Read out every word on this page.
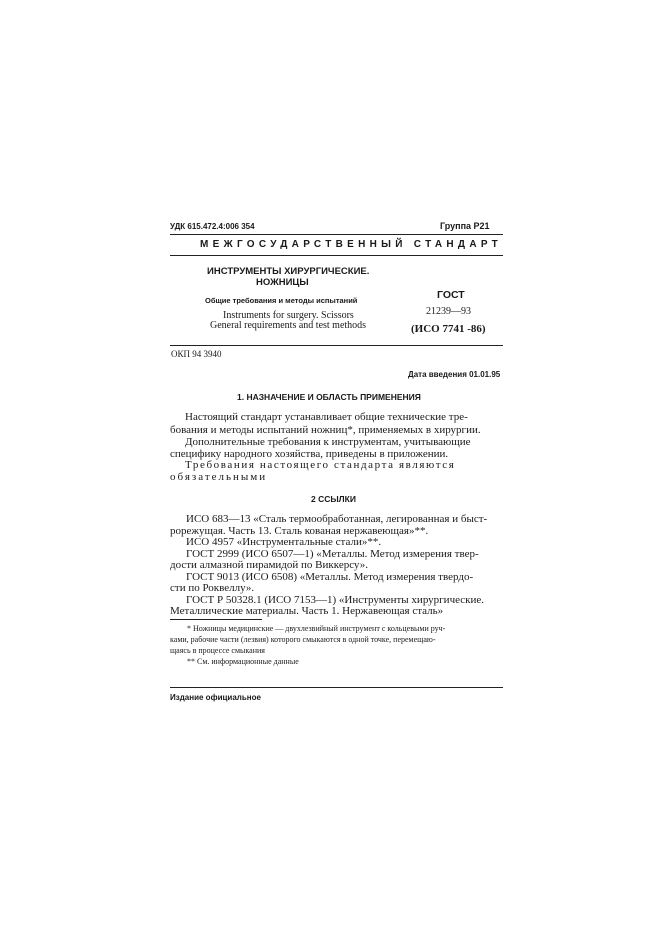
УДК 615.472.4:006 354	Группа Р21
МЕЖГОСУДАРСТВЕННЫЙ СТАНДАРТ
ИНСТРУМЕНТЫ ХИРУРГИЧЕСКИЕ.
НОЖНИЦЫ
Общие требования и методы испытаний
Instruments for surgery. Scissors
General requirements and test methods
ГОСТ
21239—93
(ИСО 7741 -86)
ОКП 94 3940
Дата введения 01.01.95
1. НАЗНАЧЕНИЕ И ОБЛАСТЬ ПРИМЕНЕНИЯ
Настоящий стандарт устанавливает общие технические тре-
бования и методы испытаний ножниц*, применяемых в хирургии.
Дополнительные требования к инструментам, учитывающие
специфику народного хозяйства, приведены в приложении.
Требования настоящего стандарта являются
обязательными
2 ССЫЛКИ
ИСО 683—13 «Сталь термообработанная, легированная и быст-
рорежущая. Часть 13. Сталь кованая нержавеющая»**.
ИСО 4957 «Инструментальные стали»**.
ГОСТ 2999 (ИСО 6507—1) «Металлы. Метод измерения твер-
дости алмазной пирамидой по Виккерсу».
ГОСТ 9013 (ИСО 6508) «Металлы. Метод измерения твердо-
сти по Роквеллу».
ГОСТ Р 50328.1 (ИСО 7153—1) «Инструменты хирургические.
Металлические материалы. Часть 1. Нержавеющая сталь»
* Ножницы медицинские — двухлезвийный инструмент с кольцевыми руч-
ками, рабочие части (лезвия) которого смыкаются в одной точке, перемещаю-
щаясь в процессе смыкания
** См. информационные данные
Издание официальное
